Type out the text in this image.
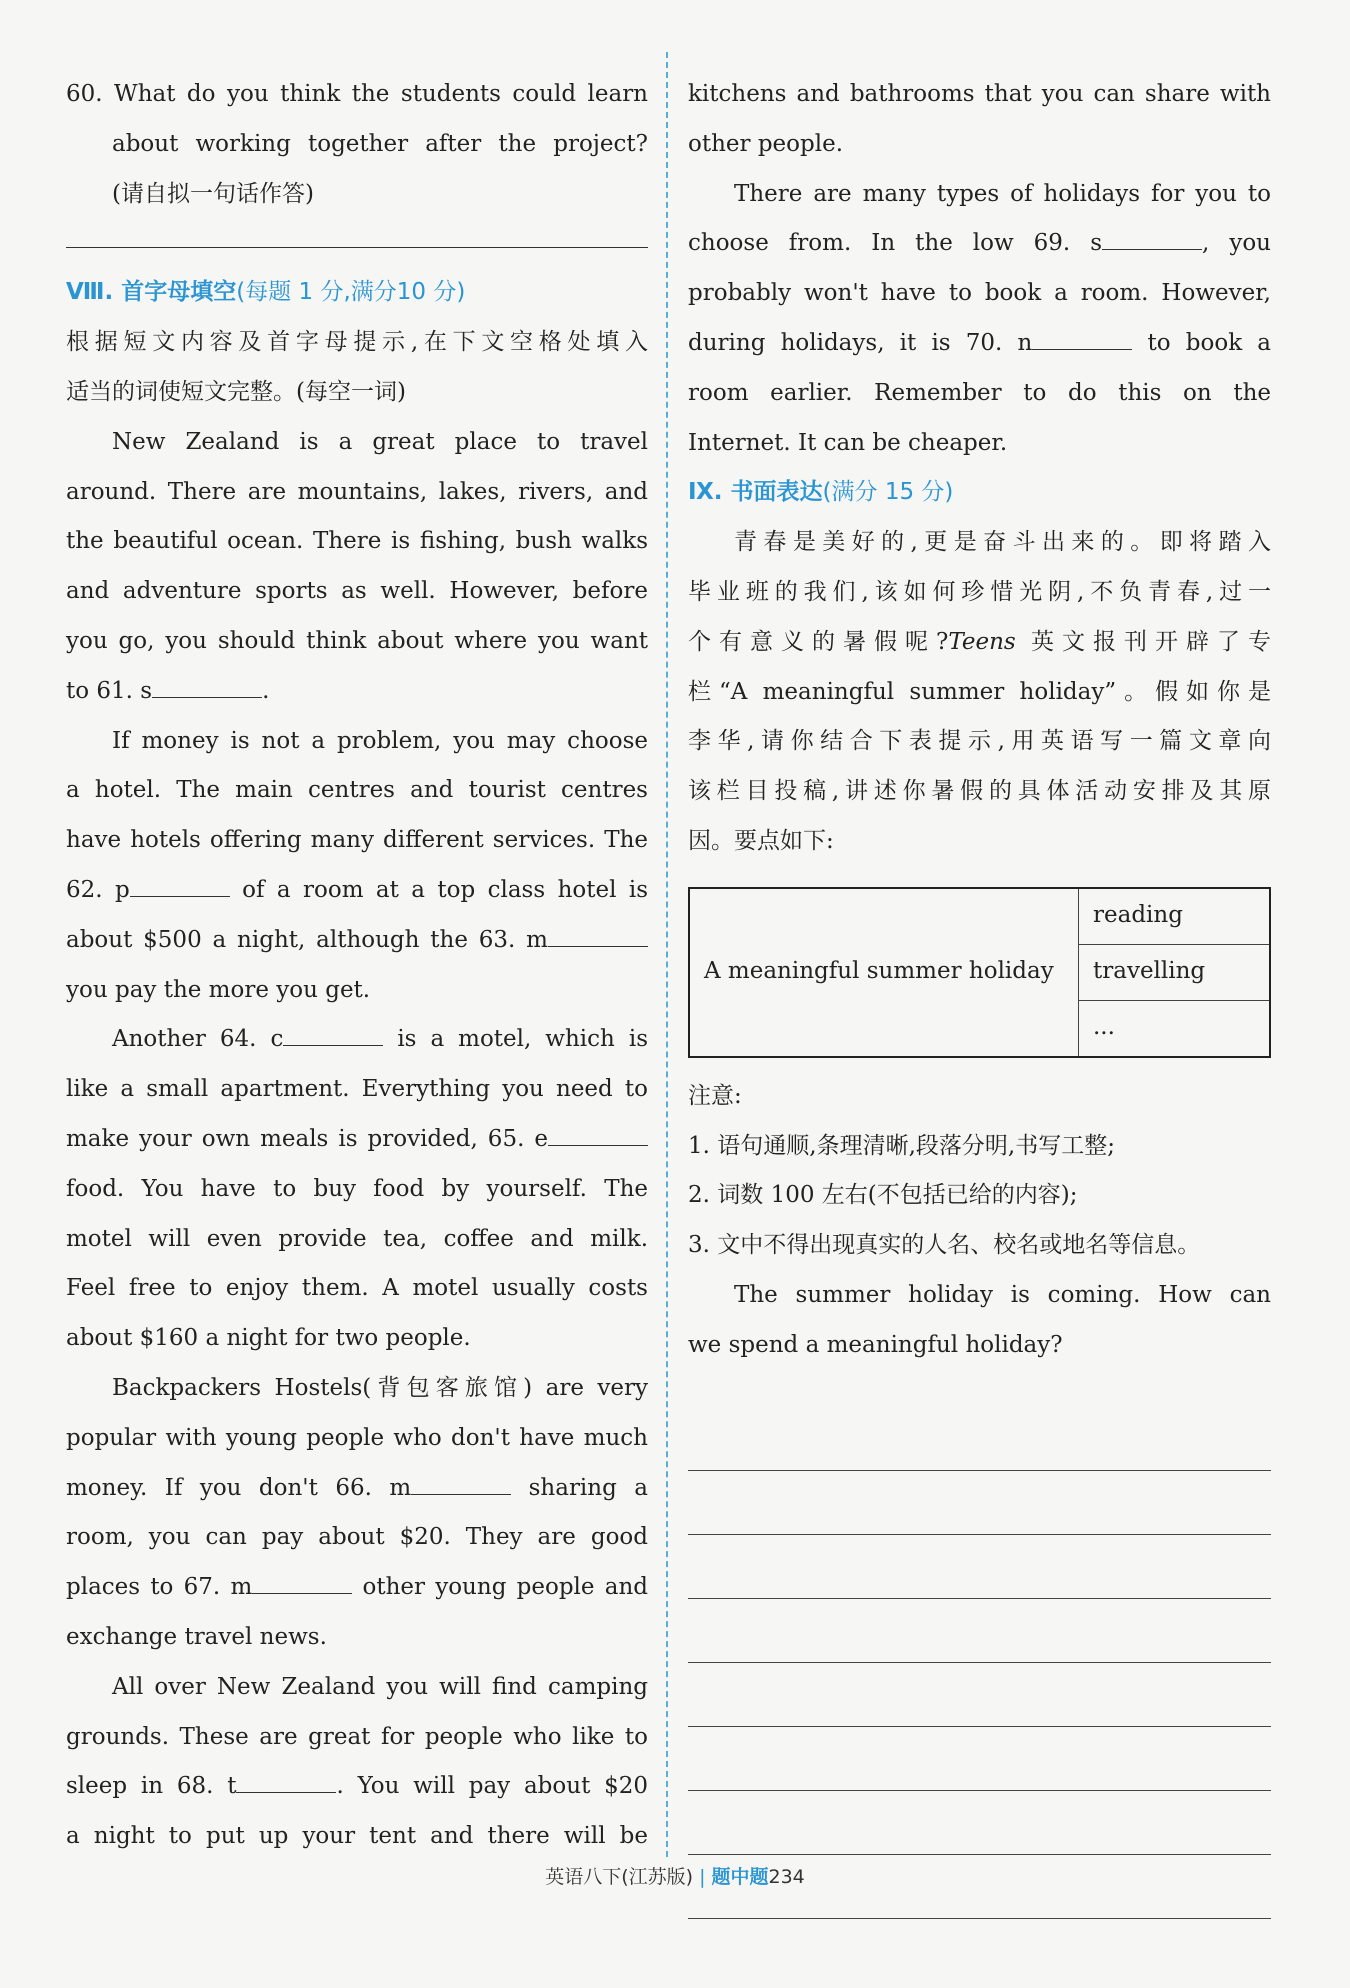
60. What do you think the students could learn

about working together after the project?

(请自拟一句话作答)

Ⅷ. 首字母填空(每题 1 分,满分10 分)

根据短文内容及首字母提示,在下文空格处填入

适当的词使短文完整。(每空一词)

New Zealand is a great place to travel

around. There are mountains, lakes, rivers, and

the beautiful ocean. There is fishing, bush walks

and adventure sports as well. However, before

you go, you should think about where you want

to 61. s	.

If money is not a problem, you may choose

a hotel. The main centres and tourist centres

have hotels offering many different services. The

62. p	of a room at a top class hotel is

about $500 a night, although the 63. m

you pay the more you get.

Another 64. c	is a motel, which is

like a small apartment. Everything you need to

make your own meals is provided, 65. e

food. You have to buy food by yourself. The

motel will even provide tea, coffee and milk.

Feel free to enjoy them. A motel usually costs

about $160 a night for two people.

Backpackers Hostels(背包客旅馆) are very

popular with young people who don't have much

money. If you don't 66. m	sharing a

room, you can pay about $20. They are good

places to 67. m	other young people and

exchange travel news.

All over New Zealand you will find camping

grounds. These are great for people who like to

sleep in 68. t	. You will pay about $20

a night to put up your tent and there will be

kitchens and bathrooms that you can share with

other people.

There are many types of holidays for you to

choose from. In the low 69. s	, you

probably won't have to book a room. However,

during holidays, it is 70. n	to book a

room earlier. Remember to do this on the

Internet. It can be cheaper.

Ⅸ. 书面表达(满分 15 分)

青春是美好的,更是奋斗出来的。即将踏入

毕业班的我们,该如何珍惜光阴,不负青春,过一

个有意义的暑假呢?Teens 英文报刊开辟了专

栏“A meaningful summer holiday”。假如你是

李华,请你结合下表提示,用英语写一篇文章向

该栏目投稿,讲述你暑假的具体活动安排及其原

因。要点如下:

A meaningful summer holiday	reading
travelling
...

注意:

1. 语句通顺,条理清晰,段落分明,书写工整;

2. 词数 100 左右(不包括已给的内容);

3. 文中不得出现真实的人名、校名或地名等信息。

The summer holiday is coming. How can

we spend a meaningful holiday?

英语八下(江苏版) | 题中题234
